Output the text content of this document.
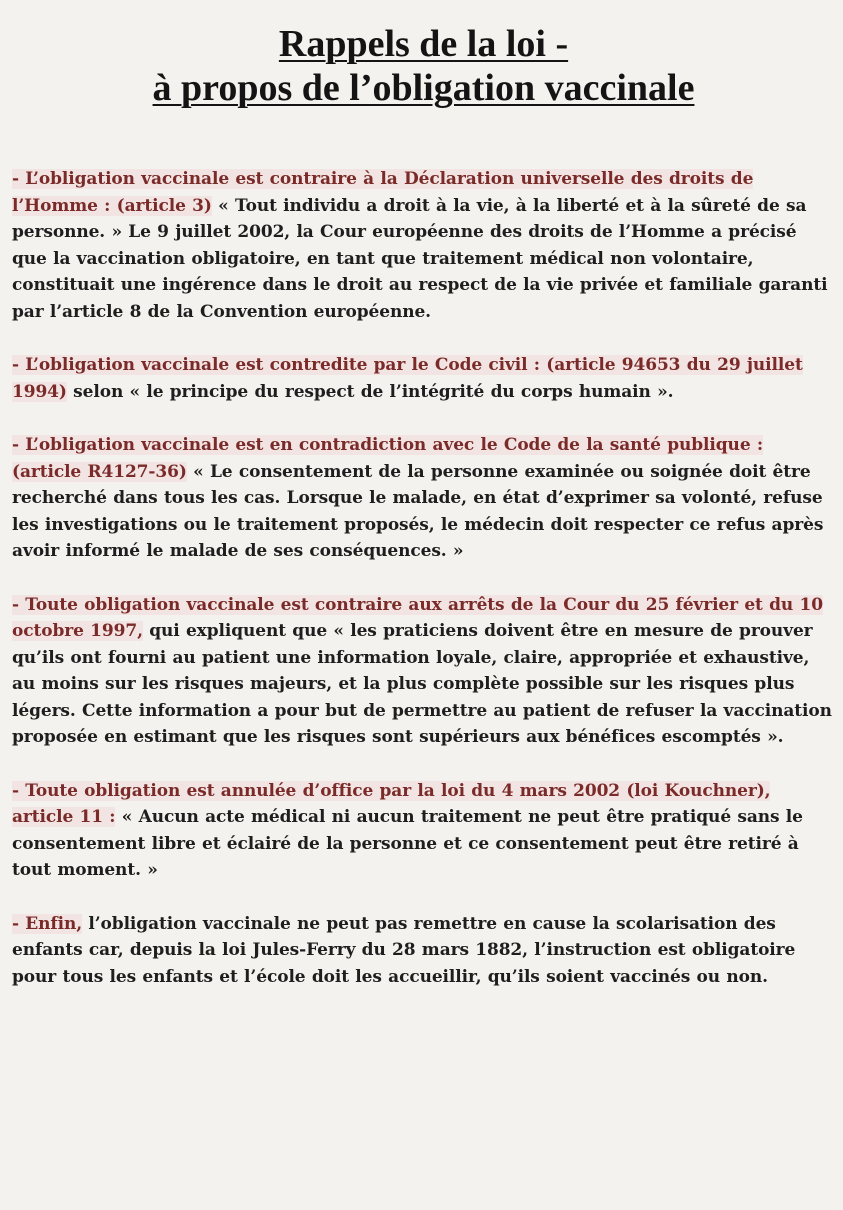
Rappels de la loi -
à propos de l’obligation vaccinale

- L’obligation vaccinale est contraire à la Déclaration universelle des droits de l’Homme : (article 3) « Tout individu a droit à la vie, à la liberté et à la sûreté de sa personne. » Le 9 juillet 2002, la Cour européenne des droits de l’Homme a précisé que la vaccination obligatoire, en tant que traitement médical non volontaire, constituait une ingérence dans le droit au respect de la vie privée et familiale garanti par l’article 8 de la Convention européenne.

- L’obligation vaccinale est contredite par le Code civil : (article 94653 du 29 juillet 1994) selon « le principe du respect de l’intégrité du corps humain ».

- L’obligation vaccinale est en contradiction avec le Code de la santé publique : (article R4127-36) « Le consentement de la personne examinée ou soignée doit être recherché dans tous les cas. Lorsque le malade, en état d’exprimer sa volonté, refuse les investigations ou le traitement proposés, le médecin doit respecter ce refus après avoir informé le malade de ses conséquences. »

- Toute obligation vaccinale est contraire aux arrêts de la Cour du 25 février et du 10 octobre 1997, qui expliquent que « les praticiens doivent être en mesure de prouver qu’ils ont fourni au patient une information loyale, claire, appropriée et exhaustive, au moins sur les risques majeurs, et la plus complète possible sur les risques plus légers. Cette information a pour but de permettre au patient de refuser la vaccination proposée en estimant que les risques sont supérieurs aux bénéfices escomptés ».

- Toute obligation est annulée d’office par la loi du 4 mars 2002 (loi Kouchner), article 11 : « Aucun acte médical ni aucun traitement ne peut être pratiqué sans le consentement libre et éclairé de la personne et ce consentement peut être retiré à tout moment. »

- Enfin, l’obligation vaccinale ne peut pas remettre en cause la scolarisation des enfants car, depuis la loi Jules-Ferry du 28 mars 1882, l’instruction est obligatoire pour tous les enfants et l’école doit les accueillir, qu’ils soient vaccinés ou non.
